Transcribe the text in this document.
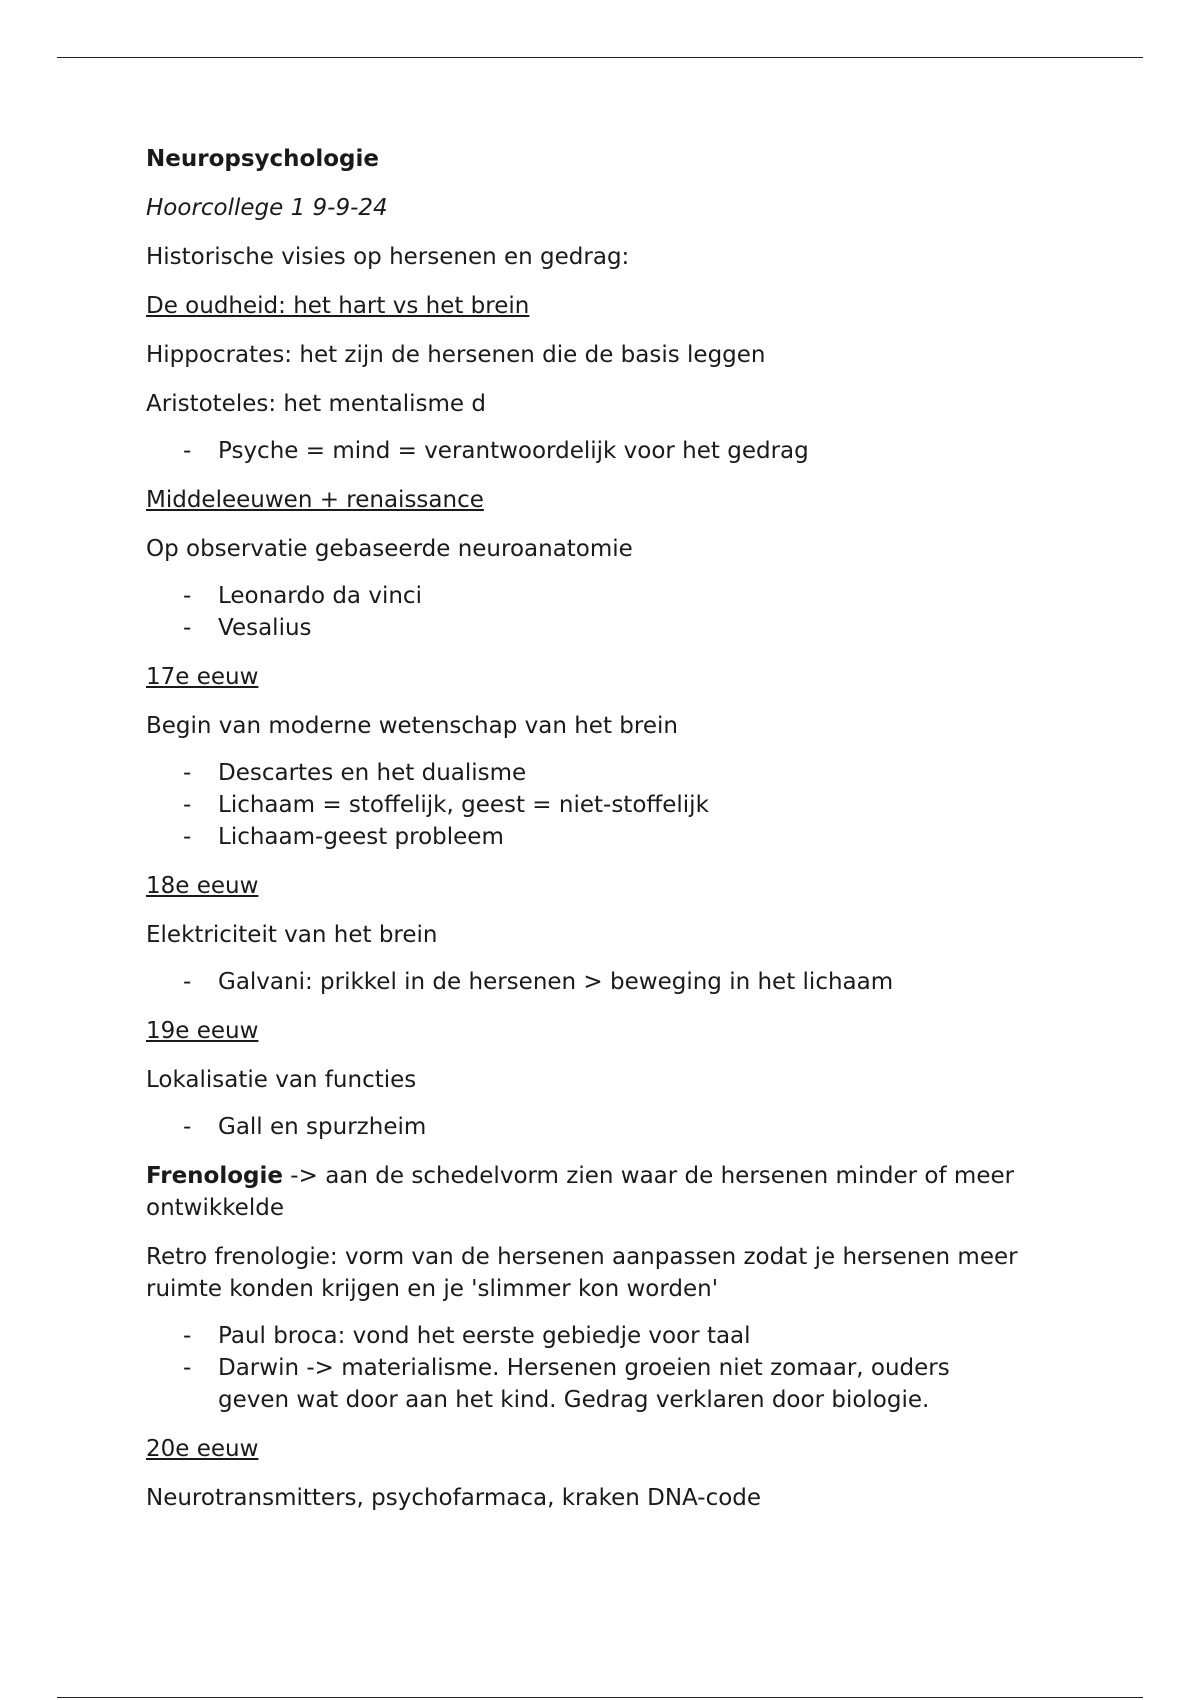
Neuropsychologie

Hoorcollege 1 9-9-24

Historische visies op hersenen en gedrag:

De oudheid: het hart vs het brein

Hippocrates: het zijn de hersenen die de basis leggen

Aristoteles: het mentalisme d

- Psyche = mind = verantwoordelijk voor het gedrag

Middeleeuwen + renaissance

Op observatie gebaseerde neuroanatomie

- Leonardo da vinci
- Vesalius

17e eeuw

Begin van moderne wetenschap van het brein

- Descartes en het dualisme
- Lichaam = stoffelijk, geest = niet-stoffelijk
- Lichaam-geest probleem

18e eeuw

Elektriciteit van het brein

- Galvani: prikkel in de hersenen > beweging in het lichaam

19e eeuw

Lokalisatie van functies

- Gall en spurzheim

Frenologie -> aan de schedelvorm zien waar de hersenen minder of meer ontwikkelde

Retro frenologie: vorm van de hersenen aanpassen zodat je hersenen meer ruimte konden krijgen en je 'slimmer kon worden'

- Paul broca: vond het eerste gebiedje voor taal
- Darwin -> materialisme. Hersenen groeien niet zomaar, ouders geven wat door aan het kind. Gedrag verklaren door biologie.

20e eeuw

Neurotransmitters, psychofarmaca, kraken DNA-code
